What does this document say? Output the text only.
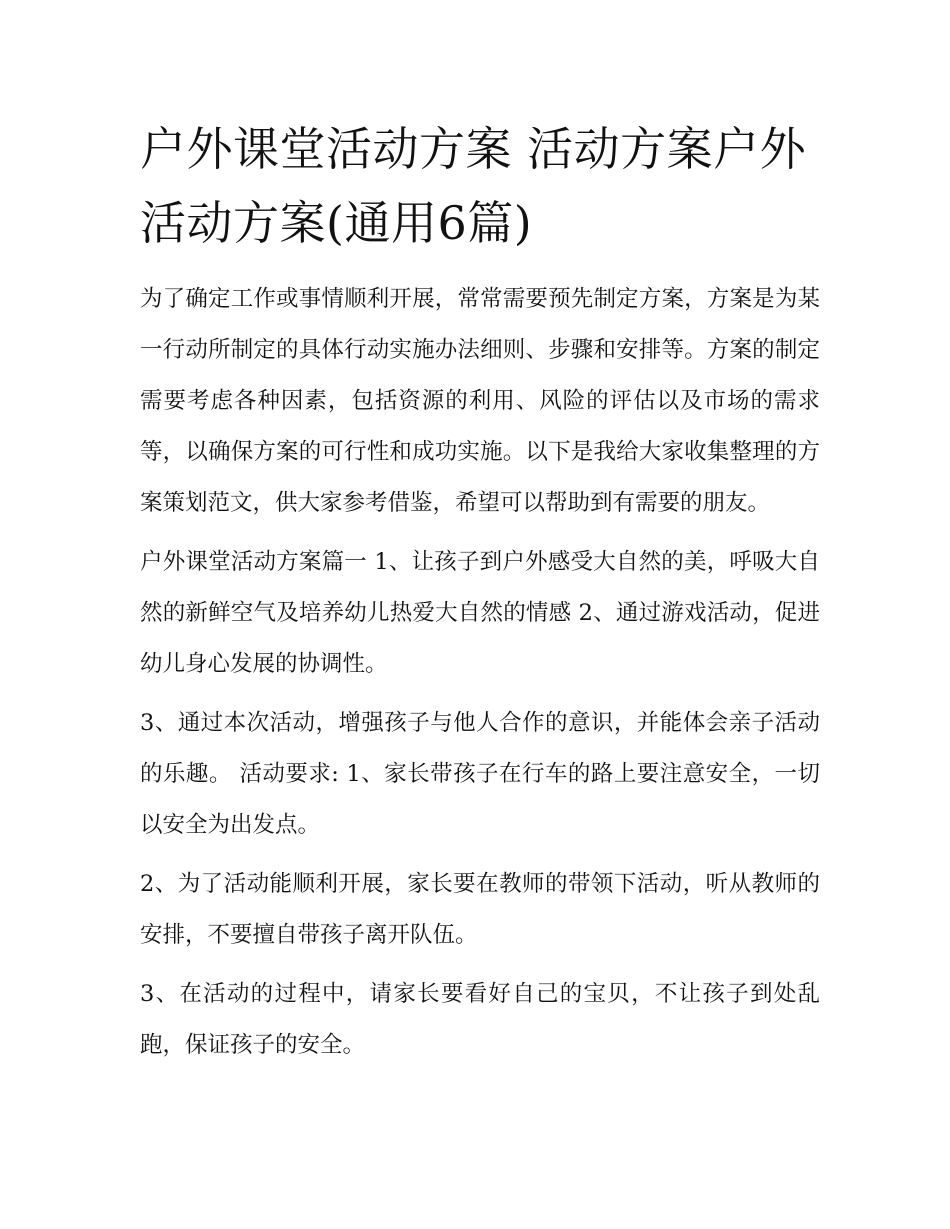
户外课堂活动方案 活动方案户外活动方案(通用6篇)

为了确定工作或事情顺利开展，常常需要预先制定方案，方案是为某一行动所制定的具体行动实施办法细则、步骤和安排等。方案的制定需要考虑各种因素，包括资源的利用、风险的评估以及市场的需求等，以确保方案的可行性和成功实施。以下是我给大家收集整理的方案策划范文，供大家参考借鉴，希望可以帮助到有需要的朋友。

户外课堂活动方案篇一 1、让孩子到户外感受大自然的美，呼吸大自然的新鲜空气及培养幼儿热爱大自然的情感 2、通过游戏活动，促进幼儿身心发展的协调性。

3、通过本次活动，增强孩子与他人合作的意识，并能体会亲子活动的乐趣。 活动要求: 1、家长带孩子在行车的路上要注意安全，一切以安全为出发点。

2、为了活动能顺利开展，家长要在教师的带领下活动，听从教师的安排，不要擅自带孩子离开队伍。

3、在活动的过程中，请家长要看好自己的宝贝，不让孩子到处乱跑，保证孩子的安全。
